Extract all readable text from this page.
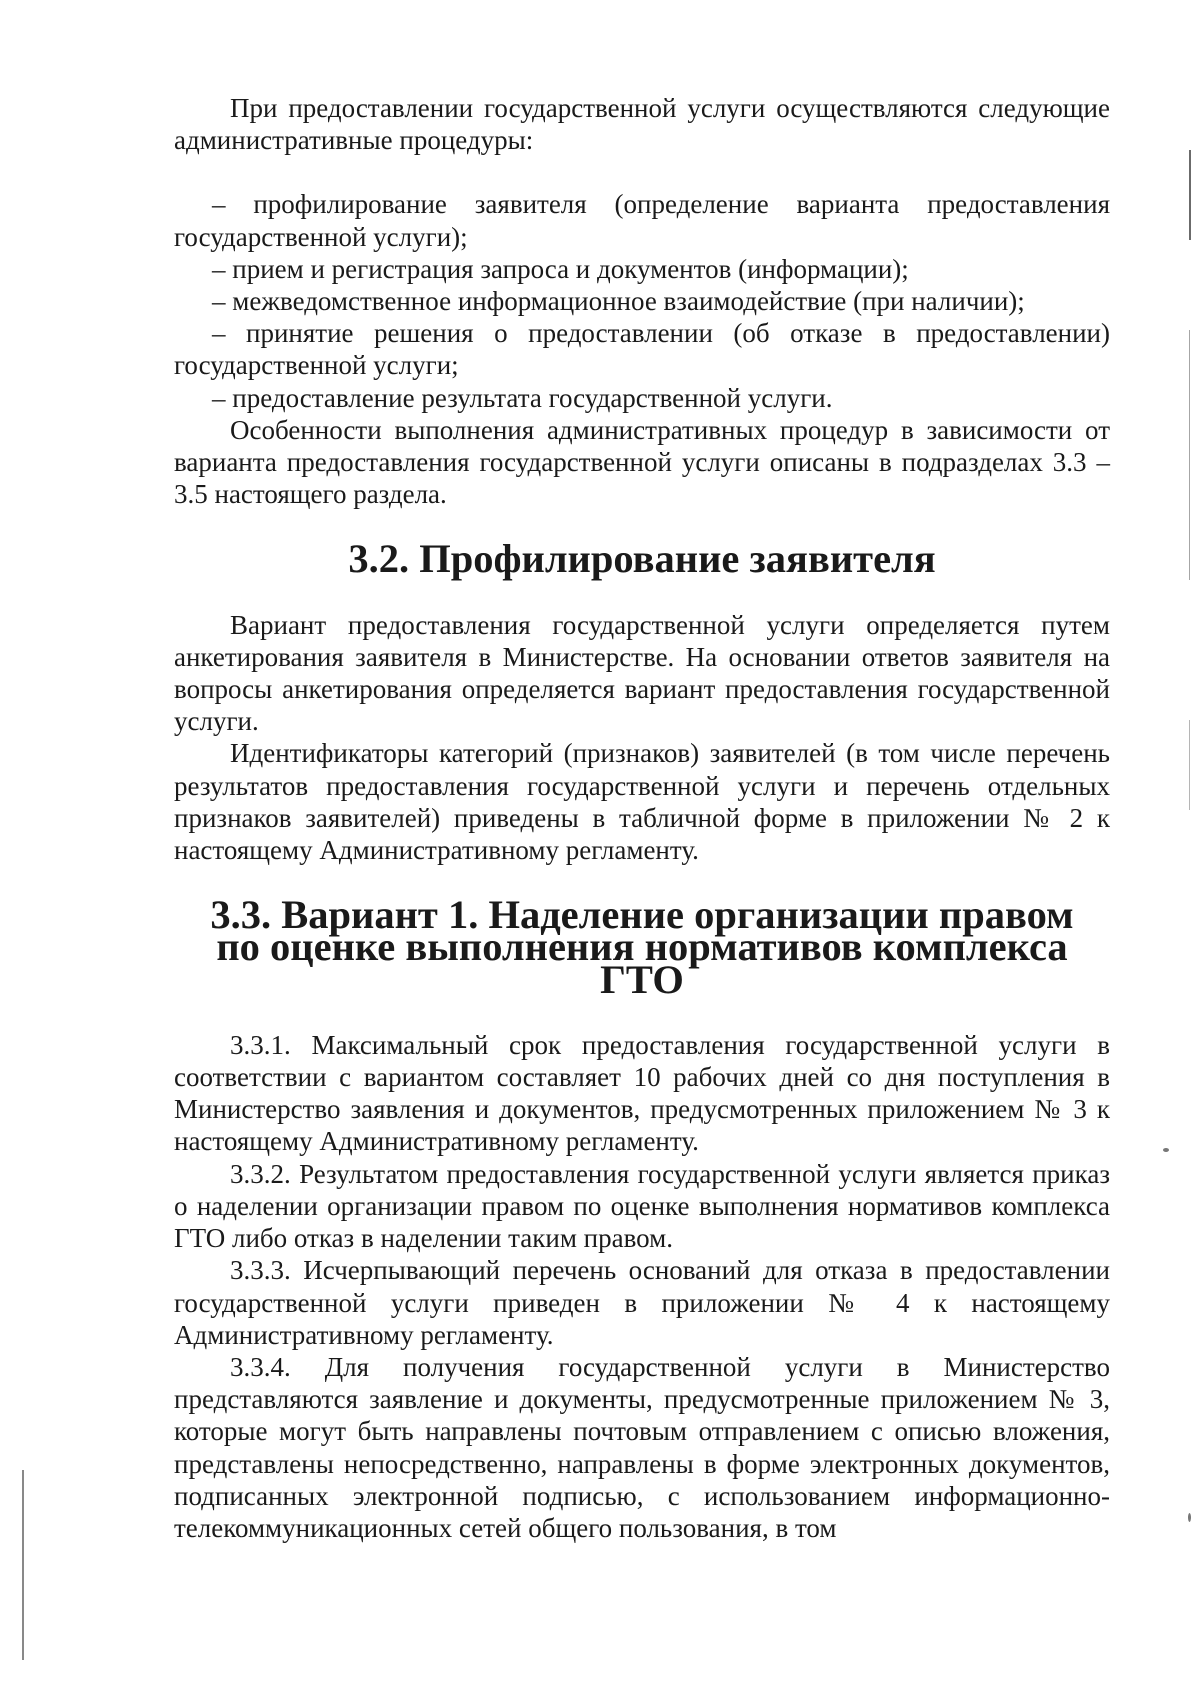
При предоставлении государственной услуги осуществляются следующие административные процедуры:

– профилирование заявителя (определение варианта предоставления государственной услуги);

– прием и регистрация запроса и документов (информации);

– межведомственное информационное взаимодействие (при наличии);

– принятие решения о предоставлении (об отказе в предоставлении) государственной услуги;

– предоставление результата государственной услуги.

Особенности выполнения административных процедур в зависимости от варианта предоставления государственной услуги описаны в подразделах 3.3 – 3.5 настоящего раздела.

3.2. Профилирование заявителя

Вариант предоставления государственной услуги определяется путем анкетирования заявителя в Министерстве. На основании ответов заявителя на вопросы анкетирования определяется вариант предоставления государственной услуги.

Идентификаторы категорий (признаков) заявителей (в том числе перечень результатов предоставления государственной услуги и перечень отдельных признаков заявителей) приведены в табличной форме в приложении № 2 к настоящему Административному регламенту.

3.3. Вариант 1. Наделение организации правом по оценке выполнения нормативов комплекса ГТО

3.3.1. Максимальный срок предоставления государственной услуги в соответствии с вариантом составляет 10 рабочих дней со дня поступления в Министерство заявления и документов, предусмотренных приложением № 3 к настоящему Административному регламенту.

3.3.2. Результатом предоставления государственной услуги является приказ о наделении организации правом по оценке выполнения нормативов комплекса ГТО либо отказ в наделении таким правом.

3.3.3. Исчерпывающий перечень оснований для отказа в предоставлении государственной услуги приведен в приложении № 4 к настоящему Административному регламенту.

3.3.4. Для получения государственной услуги в Министерство представляются заявление и документы, предусмотренные приложением № 3, которые могут быть направлены почтовым отправлением с описью вложения, представлены непосредственно, направлены в форме электронных документов, подписанных электронной подписью, с использованием информационно-телекоммуникационных сетей общего пользования, в том
